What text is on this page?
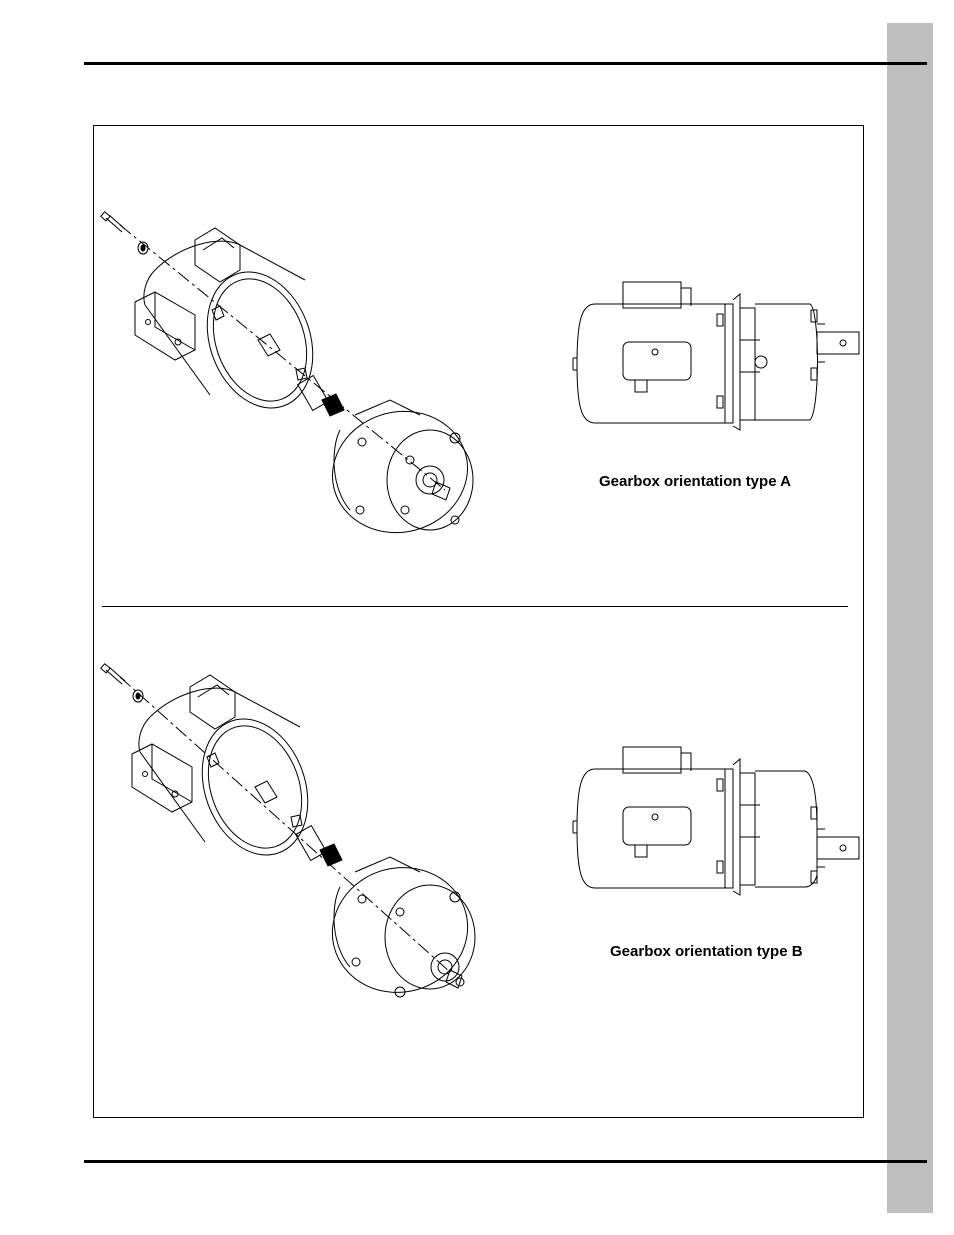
Gearbox orientation type A
Gearbox orientation type B
